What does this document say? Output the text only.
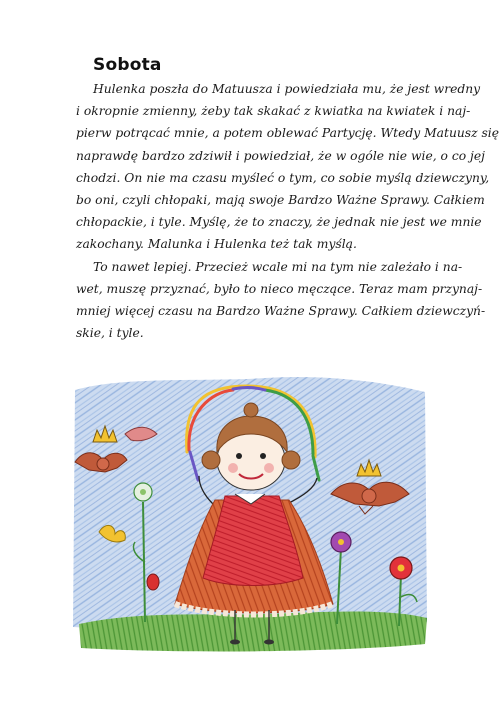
Sobota
Hulenka poszła do Matuusza i powiedziała mu, że jest wredny
i okropnie zmienny, żeby tak skakać z kwiatka na kwiatek i naj-
pierw potrącać mnie, a potem oblewać Partycję. Wtedy Matuusz się
naprawdę bardzo zdziwił i powiedział, że w ogóle nie wie, o co jej
chodzi. On nie ma czasu myśleć o tym, co sobie myślą dziewczyny,
bo oni, czyli chłopaki, mają swoje Bardzo Ważne Sprawy. Całkiem
chłopackie, i tyle. Myślę, że to znaczy, że jednak nie jest we mnie
zakochany. Malunka i Hulenka też tak myślą.
To nawet lepiej. Przecież wcale mi na tym nie zależało i na-
wet, muszę przyznać, było to nieco męczące. Teraz mam przynaj-
mniej więcej czasu na Bardzo Ważne Sprawy. Całkiem dziewczyń-
skie, i tyle.
